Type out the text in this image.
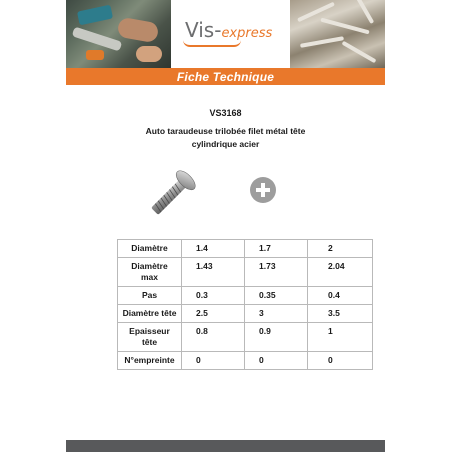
Vis-express
Fiche Technique
VS3168
Auto taraudeuse trilobée filet métal tête
cylindrique acier
Diamètre	1.4	1.7	2
Diamètre max	1.43	1.73	2.04
Pas	0.3	0.35	0.4
Diamètre tête	2.5	3	3.5
Epaisseur tête	0.8	0.9	1
N°empreinte	0	0	0
